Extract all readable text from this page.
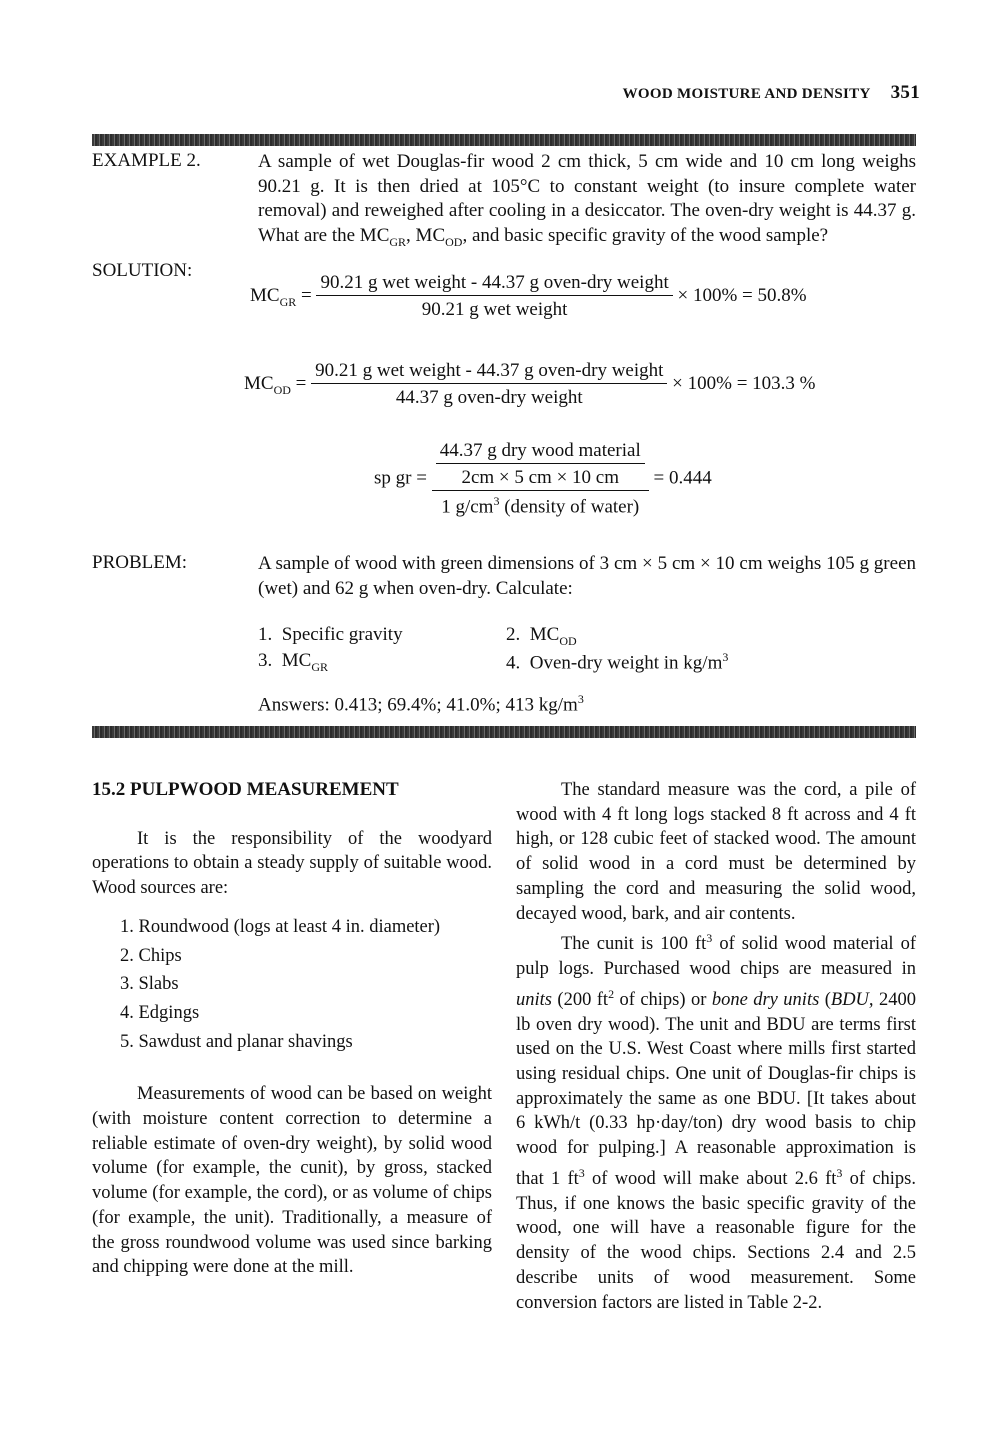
WOOD MOISTURE AND DENSITY 351
EXAMPLE 2.	A sample of wet Douglas-fir wood 2 cm thick, 5 cm wide and 10 cm long weighs 90.21 g. It is then dried at 105°C to constant weight (to insure complete water removal) and reweighed after cooling in a desiccator. The oven-dry weight is 44.37 g. What are the $MC_{GR}$, $MC_{OD}$, and basic specific gravity of the wood sample?
SOLUTION:
$MC_{GR} = \frac{\text{90.21 g wet weight - 44.37 g oven-dry weight}}{\text{90.21 g wet weight}} \times 100\% = 50.8\%$
$MC_{OD} = \frac{\text{90.21 g wet weight - 44.37 g oven-dry weight}}{\text{44.37 g oven-dry weight}} \times 100\% = 103.3$ %
sp gr = $\frac{\frac{\text{44.37 g dry wood material}}{2cm \times 5 cm \times 10 cm}}{1 g/cm^3 (density of water)} = 0.444$
PROBLEM:	A sample of wood with green dimensions of 3 cm × 5 cm × 10 cm weighs 105 g green (wet) and 62 g when oven-dry. Calculate:
1. Specific gravity	2. $MC_{OD}$
3. $MC_{GR}$	4. Oven-dry weight in $kg/m^3$
Answers: 0.413; 69.4%; 41.0%; 413 $kg/m^3$
15.2 PULPWOOD MEASUREMENT

It is the responsibility of the woodyard operations to obtain a steady supply of suitable wood. Wood sources are:

1. Roundwood (logs at least 4 in. diameter)
2. Chips
3. Slabs
4. Edgings
5. Sawdust and planar shavings

Measurements of wood can be based on weight (with moisture content correction to determine a reliable estimate of oven-dry weight), by solid wood volume (for example, the cunit), by gross, stacked volume (for example, the cord), or as volume of chips (for example, the unit). Traditionally, a measure of the gross roundwood volume was used since barking and chipping were done at the mill.

The standard measure was the cord, a pile of wood with 4 ft long logs stacked 8 ft across and 4 ft high, or 128 cubic feet of stacked wood. The amount of solid wood in a cord must be determined by sampling the cord and measuring the solid wood, decayed wood, bark, and air contents.

The cunit is 100 $ft^3$ of solid wood material of pulp logs. Purchased wood chips are measured in units (200 $ft^2$ of chips) or bone dry units (BDU, 2400 lb oven dry wood). The unit and BDU are terms first used on the U.S. West Coast where mills first started using residual chips. One unit of Douglas-fir chips is approximately the same as one BDU. [It takes about 6 kWh/t (0.33 hp·day/ton) dry wood basis to chip wood for pulping.] A reasonable approximation is that 1 $ft^3$ of wood will make about 2.6 $ft^3$ of chips. Thus, if one knows the basic specific gravity of the wood, one will have a reasonable figure for the density of the wood chips. Sections 2.4 and 2.5 describe units of wood measurement. Some conversion factors are listed in Table 2-2.
